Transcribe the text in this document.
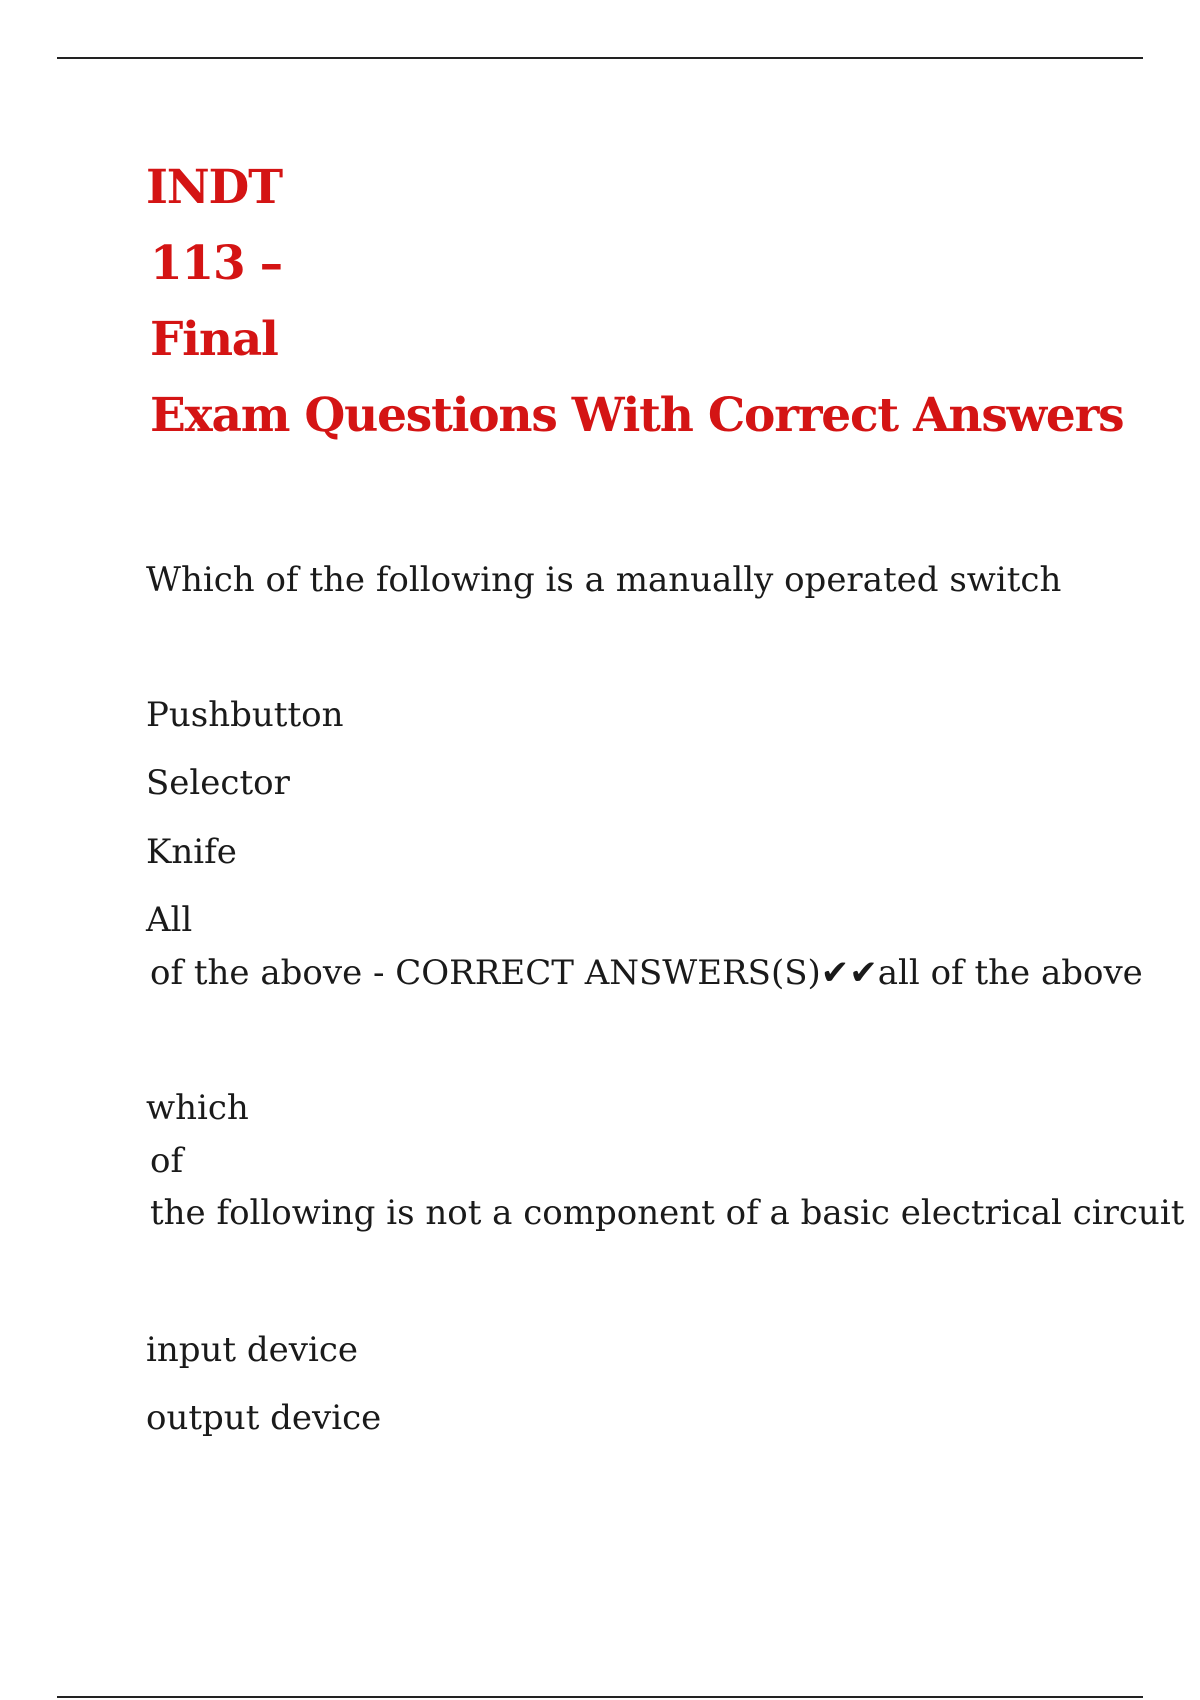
INDT
113 –
Final
Exam Questions With Correct Answers

Which of the following is a manually operated switch

Pushbutton

Selector

Knife

All

of the above - CORRECT ANSWERS(S)✔✔all of the above

which

of

the following is not a component of a basic electrical circuit

input device

output device
